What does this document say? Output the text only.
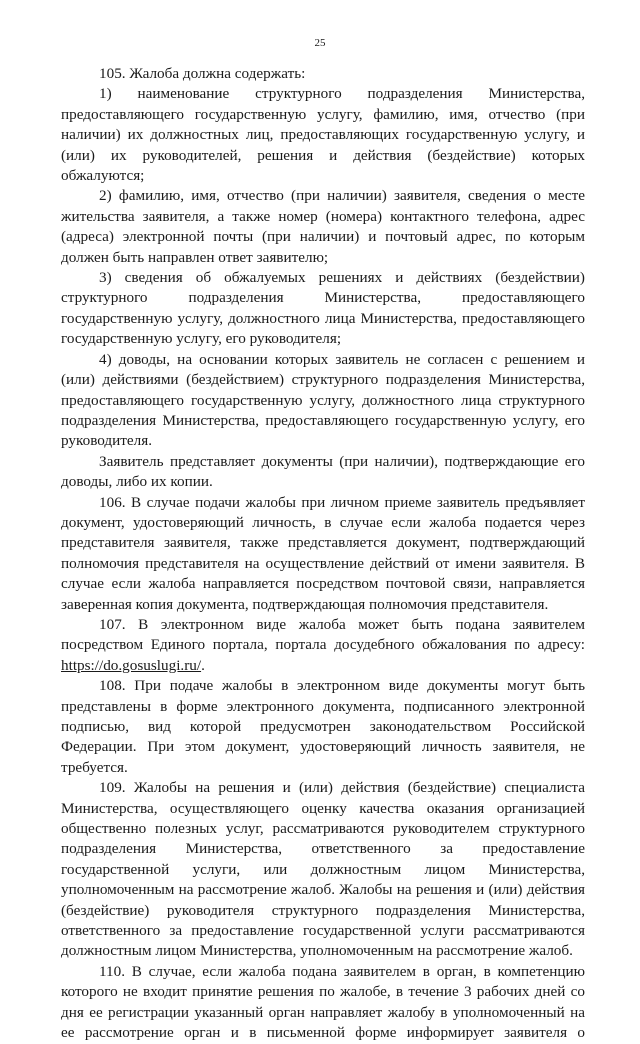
25

105. Жалоба должна содержать:

1) наименование структурного подразделения Министерства, предоставляющего государственную услугу, фамилию, имя, отчество (при наличии) их должностных лиц, предоставляющих государственную услугу, и (или) их руководителей, решения и действия (бездействие) которых обжалуются;

2) фамилию, имя, отчество (при наличии) заявителя, сведения о месте жительства заявителя, а также номер (номера) контактного телефона, адрес (адреса) электронной почты (при наличии) и почтовый адрес, по которым должен быть направлен ответ заявителю;

3) сведения об обжалуемых решениях и действиях (бездействии) структурного подразделения Министерства, предоставляющего государственную услугу, должностного лица Министерства, предоставляющего государственную услугу, его руководителя;

4) доводы, на основании которых заявитель не согласен с решением и (или) действиями (бездействием) структурного подразделения Министерства, предоставляющего государственную услугу, должностного лица структурного подразделения Министерства, предоставляющего государственную услугу, его руководителя.

Заявитель представляет документы (при наличии), подтверждающие его доводы, либо их копии.

106. В случае подачи жалобы при личном приеме заявитель предъявляет документ, удостоверяющий личность, в случае если жалоба подается через представителя заявителя, также представляется документ, подтверждающий полномочия представителя на осуществление действий от имени заявителя. В случае если жалоба направляется посредством почтовой связи, направляется заверенная копия документа, подтверждающая полномочия представителя.

107. В электронном виде жалоба может быть подана заявителем посредством Единого портала, портала досудебного обжалования по адресу: https://do.gosuslugi.ru/.

108. При подаче жалобы в электронном виде документы могут быть представлены в форме электронного документа, подписанного электронной подписью, вид которой предусмотрен законодательством Российской Федерации. При этом документ, удостоверяющий личность заявителя, не требуется.

109. Жалобы на решения и (или) действия (бездействие) специалиста Министерства, осуществляющего оценку качества оказания организацией общественно полезных услуг, рассматриваются руководителем структурного подразделения Министерства, ответственного за предоставление государственной услуги, или должностным лицом Министерства, уполномоченным на рассмотрение жалоб. Жалобы на решения и (или) действия (бездействие) руководителя структурного подразделения Министерства, ответственного за предоставление государственной услуги рассматриваются должностным лицом Министерства, уполномоченным на рассмотрение жалоб.

110. В случае, если жалоба подана заявителем в орган, в компетенцию которого не входит принятие решения по жалобе, в течение 3 рабочих дней со дня ее регистрации указанный орган направляет жалобу в уполномоченный на ее рассмотрение орган и в письменной форме информирует заявителя о
